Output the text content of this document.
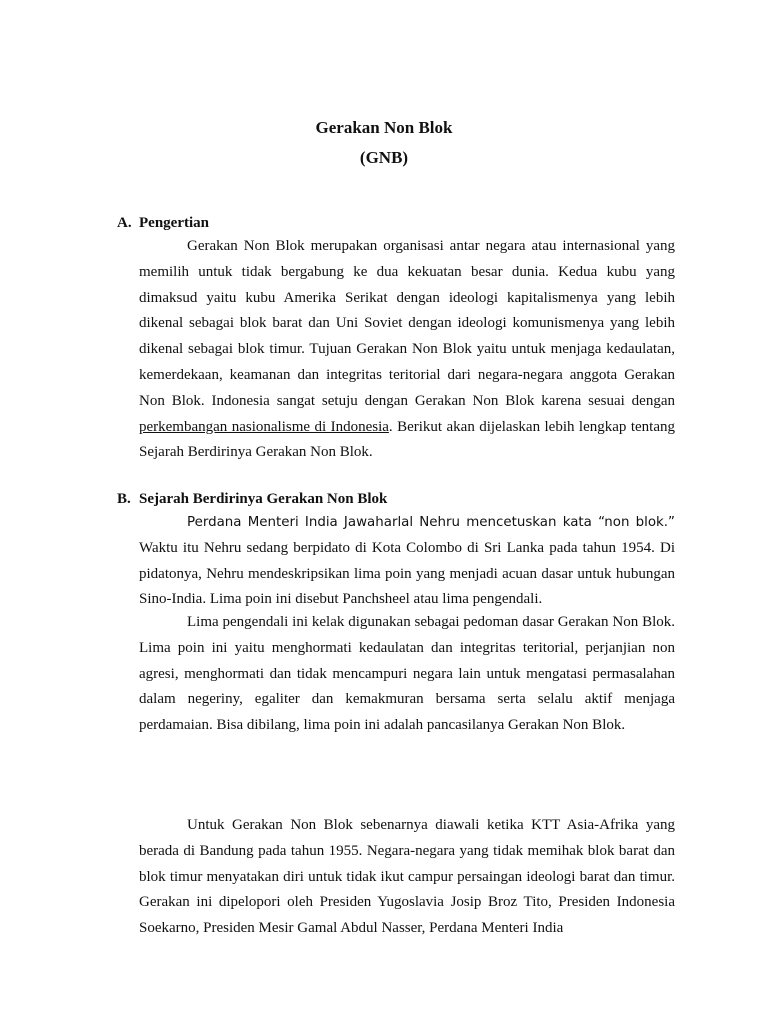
Gerakan Non Blok
(GNB)
A. Pengertian

Gerakan Non Blok merupakan organisasi antar negara atau internasional yang memilih untuk tidak bergabung ke dua kekuatan besar dunia. Kedua kubu yang dimaksud yaitu kubu Amerika Serikat dengan ideologi kapitalismenya yang lebih dikenal sebagai blok barat dan Uni Soviet dengan ideologi komunismenya yang lebih dikenal sebagai blok timur. Tujuan Gerakan Non Blok yaitu untuk menjaga kedaulatan, kemerdekaan, keamanan dan integritas teritorial dari negara-negara anggota Gerakan Non Blok. Indonesia sangat setuju dengan Gerakan Non Blok karena sesuai dengan perkembangan nasionalisme di Indonesia. Berikut akan dijelaskan lebih lengkap tentang Sejarah Berdirinya Gerakan Non Blok.

B. Sejarah Berdirinya Gerakan Non Blok

Perdana Menteri India Jawaharlal Nehru mencetuskan kata “non blok.” Waktu itu Nehru sedang berpidato di Kota Colombo di Sri Lanka pada tahun 1954. Di pidatonya, Nehru mendeskripsikan lima poin yang menjadi acuan dasar untuk hubungan Sino-India. Lima poin ini disebut Panchsheel atau lima pengendali.

Lima pengendali ini kelak digunakan sebagai pedoman dasar Gerakan Non Blok. Lima poin ini yaitu menghormati kedaulatan dan integritas teritorial, perjanjian non agresi, menghormati dan tidak mencampuri negara lain untuk mengatasi permasalahan dalam negeriny, egaliter dan kemakmuran bersama serta selalu aktif menjaga perdamaian. Bisa dibilang, lima poin ini adalah pancasilanya Gerakan Non Blok.

Untuk Gerakan Non Blok sebenarnya diawali ketika KTT Asia-Afrika yang berada di Bandung pada tahun 1955. Negara-negara yang tidak memihak blok barat dan blok timur menyatakan diri untuk tidak ikut campur persaingan ideologi barat dan timur. Gerakan ini dipelopori oleh Presiden Yugoslavia Josip Broz Tito, Presiden Indonesia Soekarno, Presiden Mesir Gamal Abdul Nasser, Perdana Menteri India
